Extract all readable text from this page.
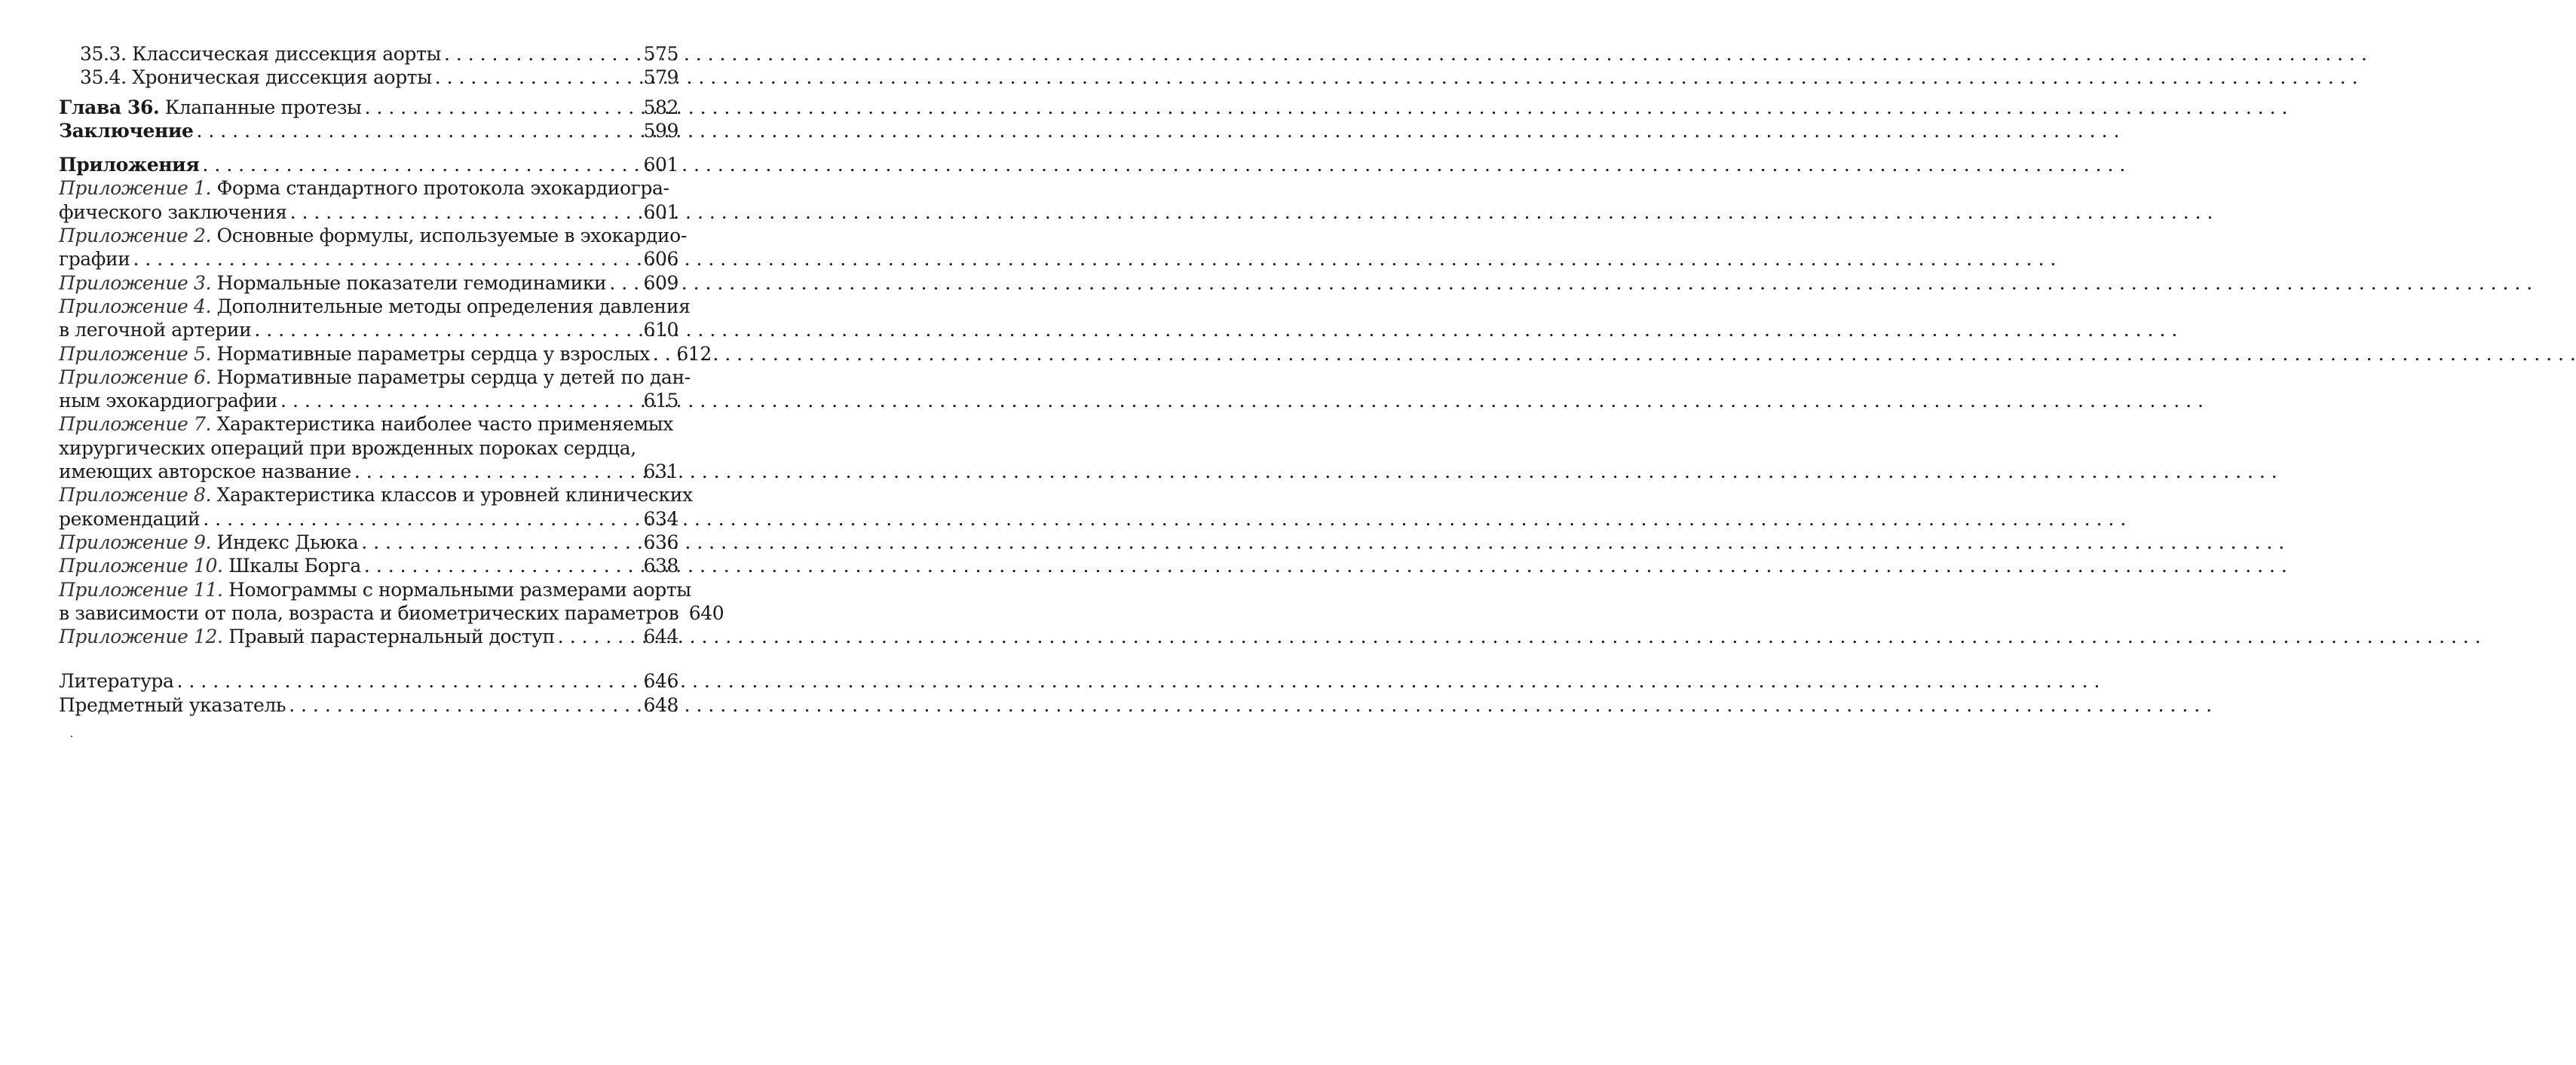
35.3. Классическая диссекция аорты . . .	575
35.4. Хроническая диссекция аорты . . .	579
Глава 36. Клапанные протезы . . .	582
Заключение . . .	599
Приложения . . .	601
Приложение 1. Форма стандартного протокола эхокардиогра-
фического заключения . . .	601
Приложение 2. Основные формулы, используемые в эхокардио-
графии . . .	606
Приложение 3. Нормальные показатели гемодинамики . . .	609
Приложение 4. Дополнительные методы определения давления
в легочной артерии . . .	610
Приложение 5. Нормативные параметры сердца у взрослых . . .	612
Приложение 6. Нормативные параметры сердца у детей по дан-
ным эхокардиографии . . .	615
Приложение 7. Характеристика наиболее часто применяемых
хирургических операций при врожденных пороках сердца,
имеющих авторское название . . .	631
Приложение 8. Характеристика классов и уровней клинических
рекомендаций . . .	634
Приложение 9. Индекс Дьюка . . .	636
Приложение 10. Шкалы Борга . . .	638
Приложение 11. Номограммы с нормальными размерами аорты
в зависимости от пола, возраста и биометрических параметров 640
Приложение 12. Правый парастернальный доступ . . .	644
Литература . . .	646
Предметный указатель . . .	648
